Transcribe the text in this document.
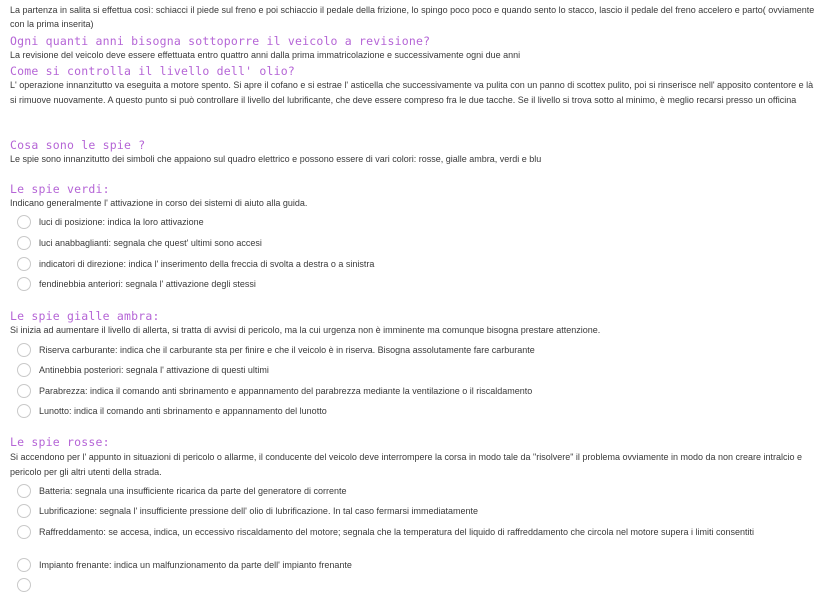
La partenza in salita si effettua così: schiacci il piede sul freno e poi schiaccio il pedale della frizione, lo spingo poco poco e quando sento lo stacco, lascio il pedale del freno accelero e parto( ovviamente con la prima inserita)
Ogni quanti anni bisogna sottoporre il veicolo a revisione?
La revisione del veicolo deve essere effettuata entro quattro anni dalla prima immatricolazione e successivamente ogni due anni
Come si controlla il livello dell' olio?
L' operazione innanzitutto va eseguita a motore spento. Si apre il cofano e si estrae l' asticella che successivamente va pulita con un panno di scottex pulito, poi si rinserisce nell' apposito contentore e là si rimuove nuovamente. A questo punto si può controllare il livello del lubrificante, che deve essere compreso fra le due tacche. Se il livello si trova sotto al minimo, è meglio recarsi presso un officina
Cosa sono le spie ?
Le spie sono innanzitutto dei simboli che appaiono sul quadro elettrico e possono essere di vari colori: rosse, gialle ambra, verdi e blu
Le spie verdi:
Indicano generalmente l' attivazione in corso dei sistemi di aiuto alla guida.
luci di posizione: indica la loro attivazione
luci anabbaglianti: segnala che quest' ultimi sono accesi
indicatori di direzione: indica l' inserimento della freccia di svolta a destra o a sinistra
fendinebbia anteriori: segnala l' attivazione degli stessi
Le spie gialle ambra:
Si inizia ad aumentare il livello di allerta, si tratta di avvisi di pericolo, ma la cui urgenza non è imminente ma comunque bisogna prestare attenzione.
Riserva carburante: indica che il carburante sta per finire e che il veicolo è in riserva. Bisogna assolutamente fare carburante
Antinebbia posteriori: segnala l' attivazione di questi ultimi
Parabrezza: indica il comando anti sbrinamento e appannamento del parabrezza mediante la ventilazione o il riscaldamento
Lunotto: indica il comando anti sbrinamento e appannamento del lunotto
Le spie rosse:
Si accendono per l' appunto in situazioni di pericolo o allarme, il conducente del veicolo deve interrompere la corsa in modo tale da "risolvere" il problema ovviamente in modo da non creare intralcio e pericolo per gli altri utenti della strada.
Batteria: segnala una insufficiente ricarica da parte del generatore di corrente
Lubrificazione: segnala l' insufficiente pressione dell' olio di lubrificazione. In tal caso fermarsi immediatamente
Raffreddamento: se accesa, indica, un eccessivo riscaldamento del motore; segnala che la temperatura del liquido di raffreddamento che circola nel motore supera i limiti consentiti
Impianto frenante: indica un malfunzionamento da parte dell' impianto frenante
